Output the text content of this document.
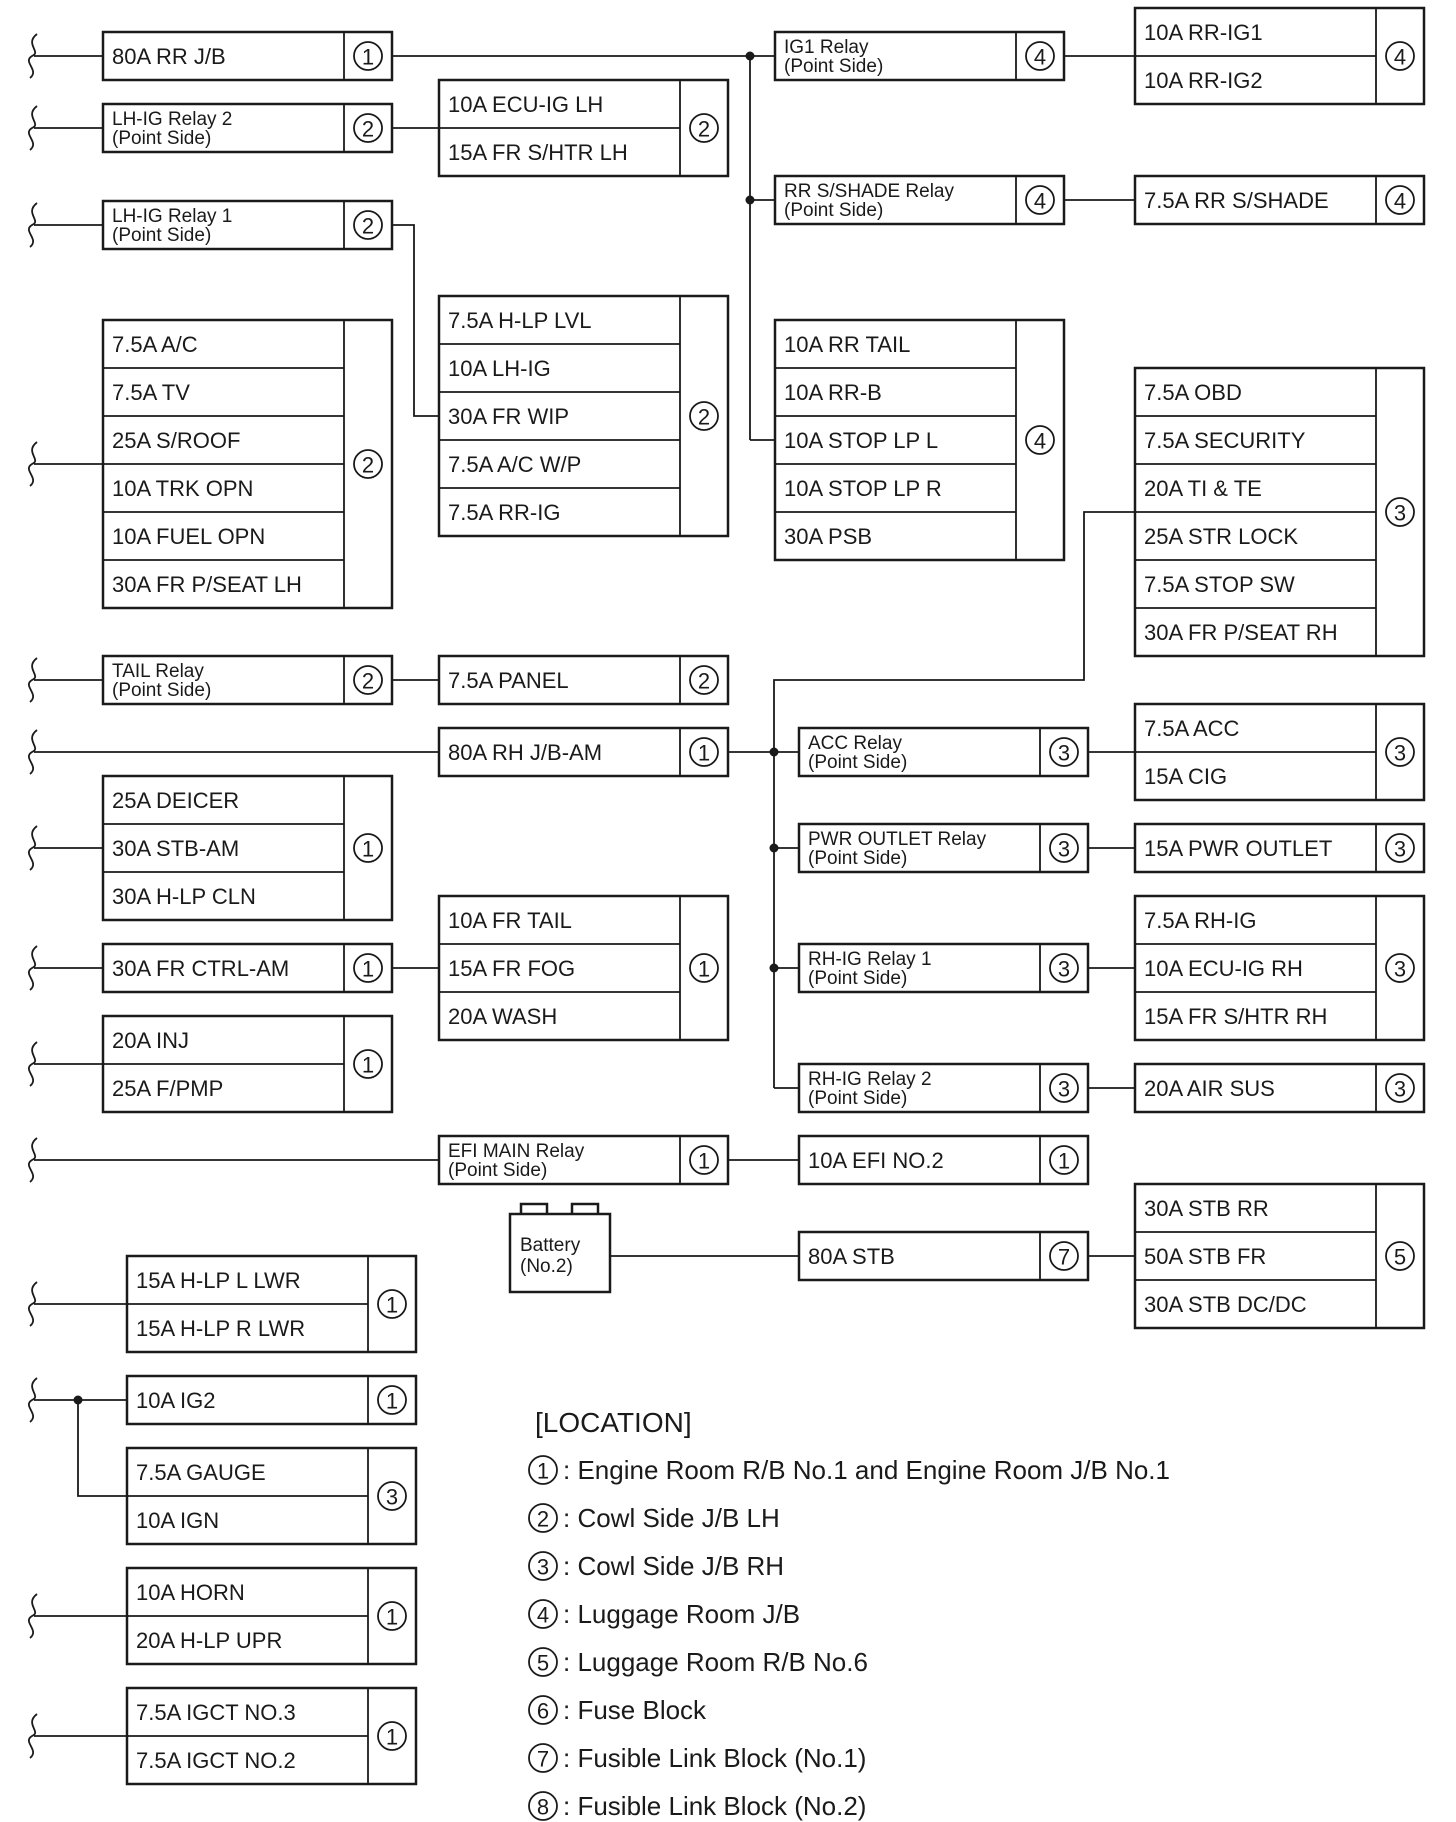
80A RR J/B	1
LH-IG Relay 2
(Point Side)	2
LH-IG Relay 1
(Point Side)	2
7.5A A/C
7.5A TV
25A S/ROOF
10A TRK OPN
10A FUEL OPN
30A FR P/SEAT LH
2
TAIL Relay
(Point Side)	2
25A DEICER
30A STB-AM
30A H-LP CLN
1
30A FR CTRL-AM	1
20A INJ
25A F/PMP
1
15A H-LP L LWR
15A H-LP R LWR
1
10A IG2	1
7.5A GAUGE
10A IGN
3
10A HORN
20A H-LP UPR
1
7.5A IGCT NO.3
7.5A IGCT NO.2
1
10A ECU-IG LH
15A FR S/HTR LH
2
7.5A H-LP LVL
10A LH-IG
30A FR WIP
7.5A A/C W/P
7.5A RR-IG
2
7.5A PANEL	2
80A RH J/B-AM	1
10A FR TAIL
15A FR FOG
20A WASH
1
EFI MAIN Relay
(Point Side)	1
IG1 Relay
(Point Side)	4
RR S/SHADE Relay
(Point Side)	4
10A RR TAIL
10A RR-B
10A STOP LP L
10A STOP LP R
30A PSB
4
ACC Relay
(Point Side)	3
PWR OUTLET Relay
(Point Side)	3
RH-IG Relay 1
(Point Side)	3
RH-IG Relay 2
(Point Side)	3
10A EFI NO.2	1
80A STB	7
10A RR-IG1
10A RR-IG2
4
7.5A RR S/SHADE	4
7.5A OBD
7.5A SECURITY
20A TI & TE
25A STR LOCK
7.5A STOP SW
30A FR P/SEAT RH
3
7.5A ACC
15A CIG
3
15A PWR OUTLET	3
7.5A RH-IG
10A ECU-IG RH
15A FR S/HTR RH
3
20A AIR SUS	3
30A STB RR
50A STB FR
30A STB DC/DC
5
Battery
(No.2)
[LOCATION]
1 : Engine Room R/B No.1 and Engine Room J/B No.1
2 : Cowl Side J/B LH
3 : Cowl Side J/B RH
4 : Luggage Room J/B
5 : Luggage Room R/B No.6
6 : Fuse Block
7 : Fusible Link Block (No.1)
8 : Fusible Link Block (No.2)
